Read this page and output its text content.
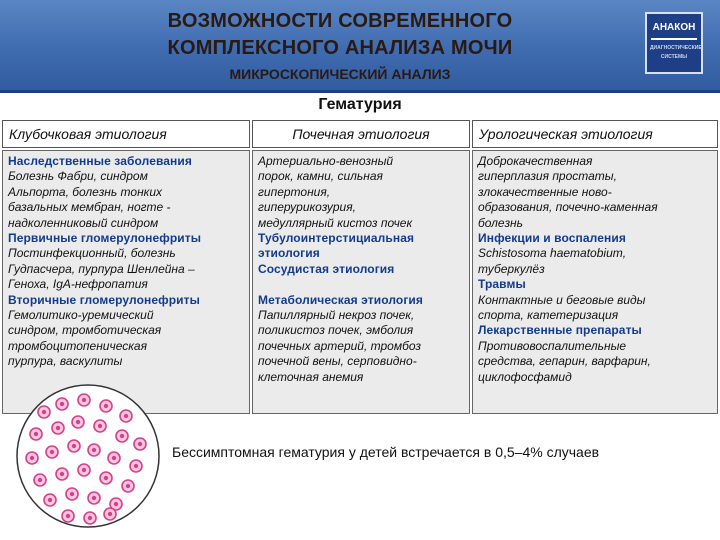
ВОЗМОЖНОСТИ СОВРЕМЕННОГО
КОМПЛЕКСНОГО АНАЛИЗА МОЧИ
МИКРОСКОПИЧЕСКИЙ АНАЛИЗ
АНАКОН
ДИАГНОСТИЧЕСКИЕ СИСТЕМЫ
Гематурия
Клубочковая этиология	Почечная этиология	Урологическая этиология
Наследственные заболевания
Болезнь Фабри, синдром
Альпорта, болезнь тонких
базальных мембран, ногте -
надколенниковый синдром
Первичные гломерулонефриты
Постинфекционный, болезнь
Гудпасчера, пурпура Шенлейна –
Геноха, IgA-нефропатия
Вторичные гломерулонефриты
Гемолитико-уремический
синдром, тромботическая
тромбоцитопеническая
пурпура, васкулиты
Артериально-венозный
порок, камни, сильная
гипертония,
гиперурикозурия,
медуллярный кистоз почек
Тубулоинтерстициальная
этиология
Сосудистая этиология

Метаболическая этиология
Папиллярный некроз почек,
поликистоз почек, эмболия
почечных артерий, тромбоз
почечной вены, серповидно-
клеточная анемия
Доброкачественная
гиперплазия простаты,
злокачественные ново-
образования, почечно-каменная
болезнь
Инфекции и воспаления
Schistosoma haematobium,
туберкулёз
Травмы
Контактные и беговые виды
спорта, катетеризация
Лекарственные препараты
Противовоспалительные
средства, гепарин, варфарин,
циклофосфамид
Бессимптомная гематурия у детей встречается в 0,5–4% случаев
